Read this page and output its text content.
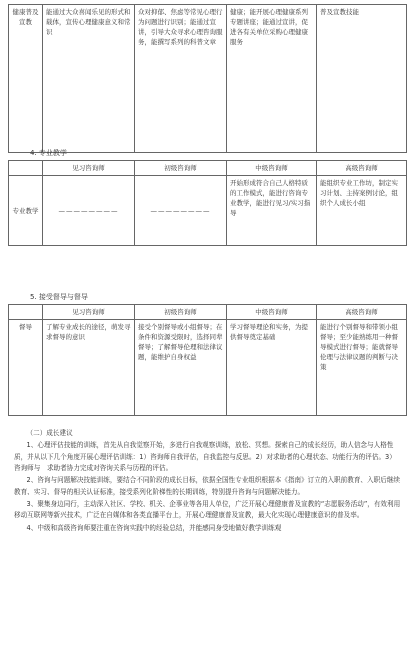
健康普及宣教	能通过大众喜闻乐见的形式和载体，宣传心理健康意义和常识	众对抑郁、焦虑等常见心理行为问题进行识别；能通过宣讲，引导大众寻求心理咨询服务，能撰写系列的科普文章	健康；能开展心理健康系列专题讲座；能通过宣讲，促进各有关单位采购心理健康服务	普及宣教技能
4. 专业教学
	见习咨询师	初级咨询师	中级咨询师	高级咨询师
专业教学	————————	————————	开始形成符合自己人格特质的工作模式，能进行咨询专业教学，能进行见习/实习指导	能组织专业工作坊，制定实习计划、主持案例讨论，组织个人成长小组
5. 接受督导与督导
	见习咨询师	初级咨询师	中级咨询师	高级咨询师
督导	了解专业成长的途径，萌发寻求督导的意识	接受个别督导或小组督导；在条件和资源受限时，选择同辈督导；了解督导伦理和法律议题，能维护自身权益	学习督导理论和实务，为提供督导奠定基础	能进行个别督导和带领小组督导；至少能熟练用一种督导模式进行督导；能就督导伦理与法律议题的判断与决策

（二）成长建议

1、心理评估技能的训练，首先从自我觉察开始，多进行自我观察训练，放松、冥想。探索自己的成长经历，助人信念与人格性质，并从以下几个角度开展心理评估训练：1）咨询师自我评估，自我监控与反思。2）对求助者的心理状态、功能行为的评估。3）咨询师与　求助者协力完成对咨询关系与历程的评估。

2、咨询与问题解决技能训练，要结合不同阶段的成长目标，依据全国性专业组织根据本《指南》订立的入职前教育、入职后继续教育、实习、督导的相关认证标准，接受系列化阶梯性的长期训练，特别提升咨询与问题解决能力。

3、聚集身边同行，主动深入社区、学校、机关、企事业等各用人单位，广泛开展心理健康普及宣教的“志愿服务活动”，有效利用移动互联网等新兴技术，广泛在自媒体和各类直播平台上，开展心理健康普及宣教，最大化实现心理健康意识的普及率。

4、中级和高级咨询师要注重在咨询实践中的经验总结，并能感同身受地做好教学训练观
